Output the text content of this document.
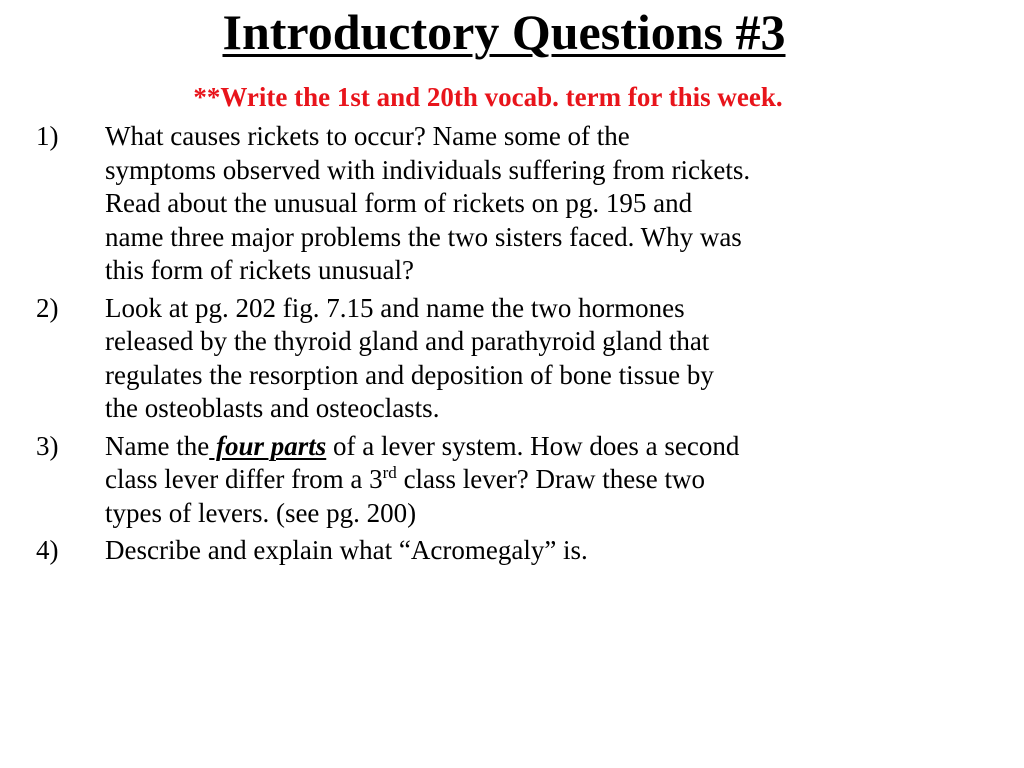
Introductory Questions #3
**Write the 1st and 20th vocab. term for this week.
1) What causes rickets to occur? Name some of the
symptoms observed with individuals suffering from rickets.
Read about the unusual form of rickets on pg. 195 and
name three major problems the two sisters faced. Why was
this form of rickets unusual?
2) Look at pg. 202 fig. 7.15 and name the two hormones
released by the thyroid gland and parathyroid gland that
regulates the resorption and deposition of bone tissue by
the osteoblasts and osteoclasts.
3) Name the four parts of a lever system. How does a second
class lever differ from a 3rd class lever? Draw these two
types of levers. (see pg. 200)
4) Describe and explain what “Acromegaly” is.
